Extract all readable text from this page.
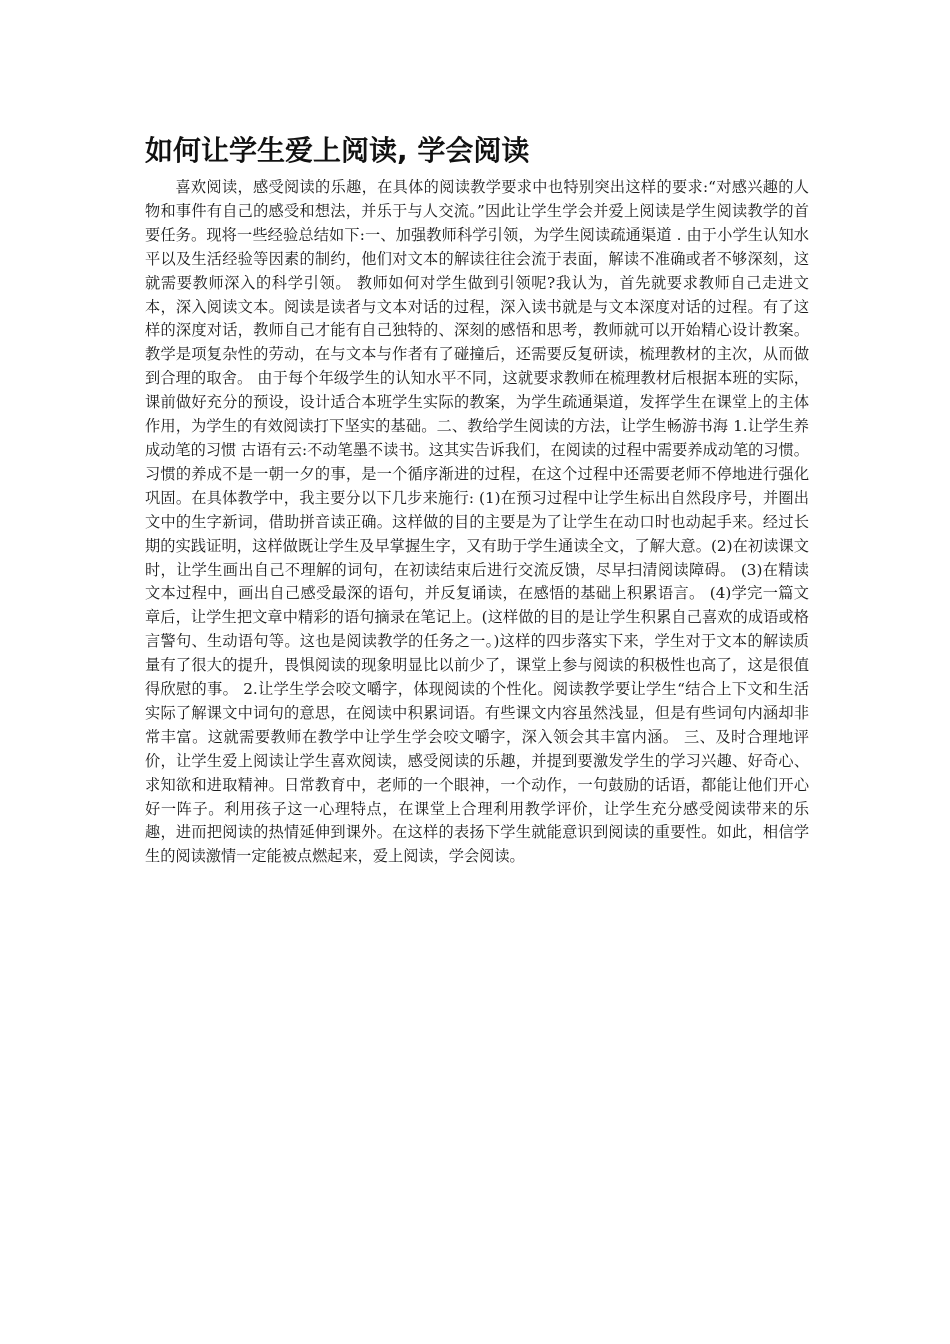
如何让学生爱上阅读, 学会阅读

喜欢阅读，感受阅读的乐趣，在具体的阅读教学要求中也特别突出这样的要求:“对感兴趣的人物和事件有自己的感受和想法，并乐于与人交流。”因此让学生学会并爱上阅读是学生阅读教学的首要任务。现将一些经验总结如下:一、加强教师科学引领，为学生阅读疏通渠道 . 由于小学生认知水平以及生活经验等因素的制约，他们对文本的解读往往会流于表面，解读不准确或者不够深刻，这就需要教师深入的科学引领。 教师如何对学生做到引领呢?我认为，首先就要求教师自己走进文本，深入阅读文本。阅读是读者与文本对话的过程，深入读书就是与文本深度对话的过程。有了这样的深度对话，教师自己才能有自己独特的、深刻的感悟和思考，教师就可以开始精心设计教案。教学是项复杂性的劳动，在与文本与作者有了碰撞后，还需要反复研读，梳理教材的主次，从而做到合理的取舍。 由于每个年级学生的认知水平不同，这就要求教师在梳理教材后根据本班的实际，课前做好充分的预设，设计适合本班学生实际的教案，为学生疏通渠道，发挥学生在课堂上的主体作用，为学生的有效阅读打下坚实的基础。二、教给学生阅读的方法，让学生畅游书海 1.让学生养成动笔的习惯 古语有云:不动笔墨不读书。这其实告诉我们，在阅读的过程中需要养成动笔的习惯。习惯的养成不是一朝一夕的事，是一个循序渐进的过程，在这个过程中还需要老师不停地进行强化巩固。在具体教学中，我主要分以下几步来施行: (1)在预习过程中让学生标出自然段序号，并圈出文中的生字新词，借助拼音读正确。这样做的目的主要是为了让学生在动口时也动起手来。经过长期的实践证明，这样做既让学生及早掌握生字，又有助于学生通读全文，了解大意。(2)在初读课文时，让学生画出自己不理解的词句，在初读结束后进行交流反馈，尽早扫清阅读障碍。 (3)在精读文本过程中，画出自己感受最深的语句，并反复诵读，在感悟的基础上积累语言。 (4)学完一篇文章后，让学生把文章中精彩的语句摘录在笔记上。(这样做的目的是让学生积累自己喜欢的成语或格言警句、生动语句等。这也是阅读教学的任务之一。)这样的四步落实下来，学生对于文本的解读质量有了很大的提升，畏惧阅读的现象明显比以前少了，课堂上参与阅读的积极性也高了，这是很值得欣慰的事。 2.让学生学会咬文嚼字，体现阅读的个性化。阅读教学要让学生“结合上下文和生活实际了解课文中词句的意思，在阅读中积累词语。有些课文内容虽然浅显，但是有些词句内涵却非常丰富。这就需要教师在教学中让学生学会咬文嚼字，深入领会其丰富内涵。 三、及时合理地评价，让学生爱上阅读让学生喜欢阅读，感受阅读的乐趣，并提到要激发学生的学习兴趣、好奇心、求知欲和进取精神。日常教育中，老师的一个眼神，一个动作，一句鼓励的话语，都能让他们开心好一阵子。利用孩子这一心理特点，在课堂上合理利用教学评价，让学生充分感受阅读带来的乐趣，进而把阅读的热情延伸到课外。在这样的表扬下学生就能意识到阅读的重要性。如此，相信学生的阅读激情一定能被点燃起来，爱上阅读，学会阅读。
